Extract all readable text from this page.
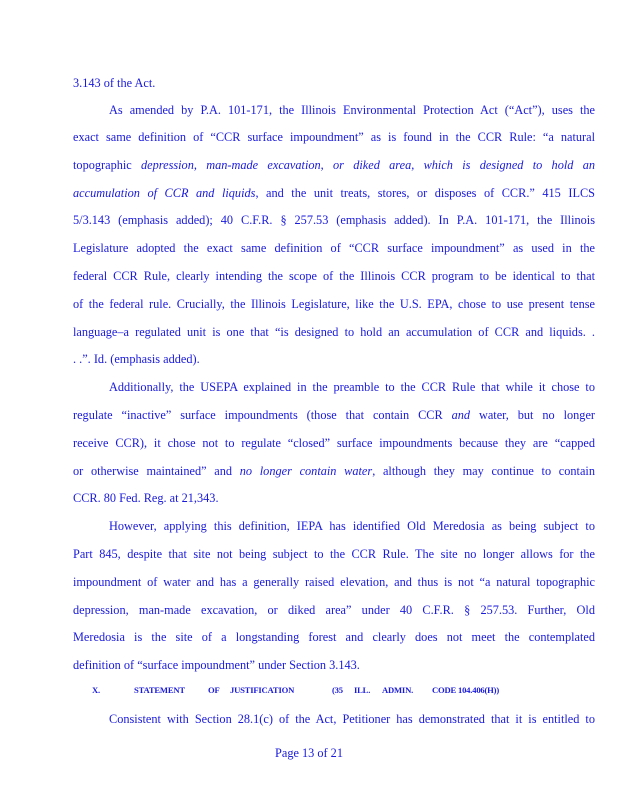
3.143 of the Act.
As amended by P.A. 101-171, the Illinois Environmental Protection Act (“Act”), uses the
exact same definition of “CCR surface impoundment” as is found in the CCR Rule: “a natural
topographic depression, man-made excavation, or diked area, which is designed to hold an
accumulation of CCR and liquids, and the unit treats, stores, or disposes of CCR.” 415 ILCS
5/3.143 (emphasis added); 40 C.F.R. § 257.53 (emphasis added). In P.A. 101-171, the Illinois
Legislature adopted the exact same definition of “CCR surface impoundment” as used in the
federal CCR Rule, clearly intending the scope of the Illinois CCR program to be identical to that
of the federal rule. Crucially, the Illinois Legislature, like the U.S. EPA, chose to use present tense
language–a regulated unit is one that “is designed to hold an accumulation of CCR and liquids. .
. .”. Id. (emphasis added).
Additionally, the USEPA explained in the preamble to the CCR Rule that while it chose to
regulate “inactive” surface impoundments (those that contain CCR and water, but no longer
receive CCR), it chose not to regulate “closed” surface impoundments because they are “capped
or otherwise maintained” and no longer contain water, although they may continue to contain
CCR. 80 Fed. Reg. at 21,343.
However, applying this definition, IEPA has identified Old Meredosia as being subject to
Part 845, despite that site not being subject to the CCR Rule. The site no longer allows for the
impoundment of water and has a generally raised elevation, and thus is not “a natural topographic
depression, man-made excavation, or diked area” under 40 C.F.R. § 257.53. Further, Old
Meredosia is the site of a longstanding forest and clearly does not meet the contemplated
definition of “surface impoundment” under Section 3.143.
Consistent with Section 28.1(c) of the Act, Petitioner has demonstrated that it is entitled to
X.	STATEMENT	OF JUSTIFICATION	(35 ILL. ADMIN. CODE 104.406(H))
Page 13 of 21
